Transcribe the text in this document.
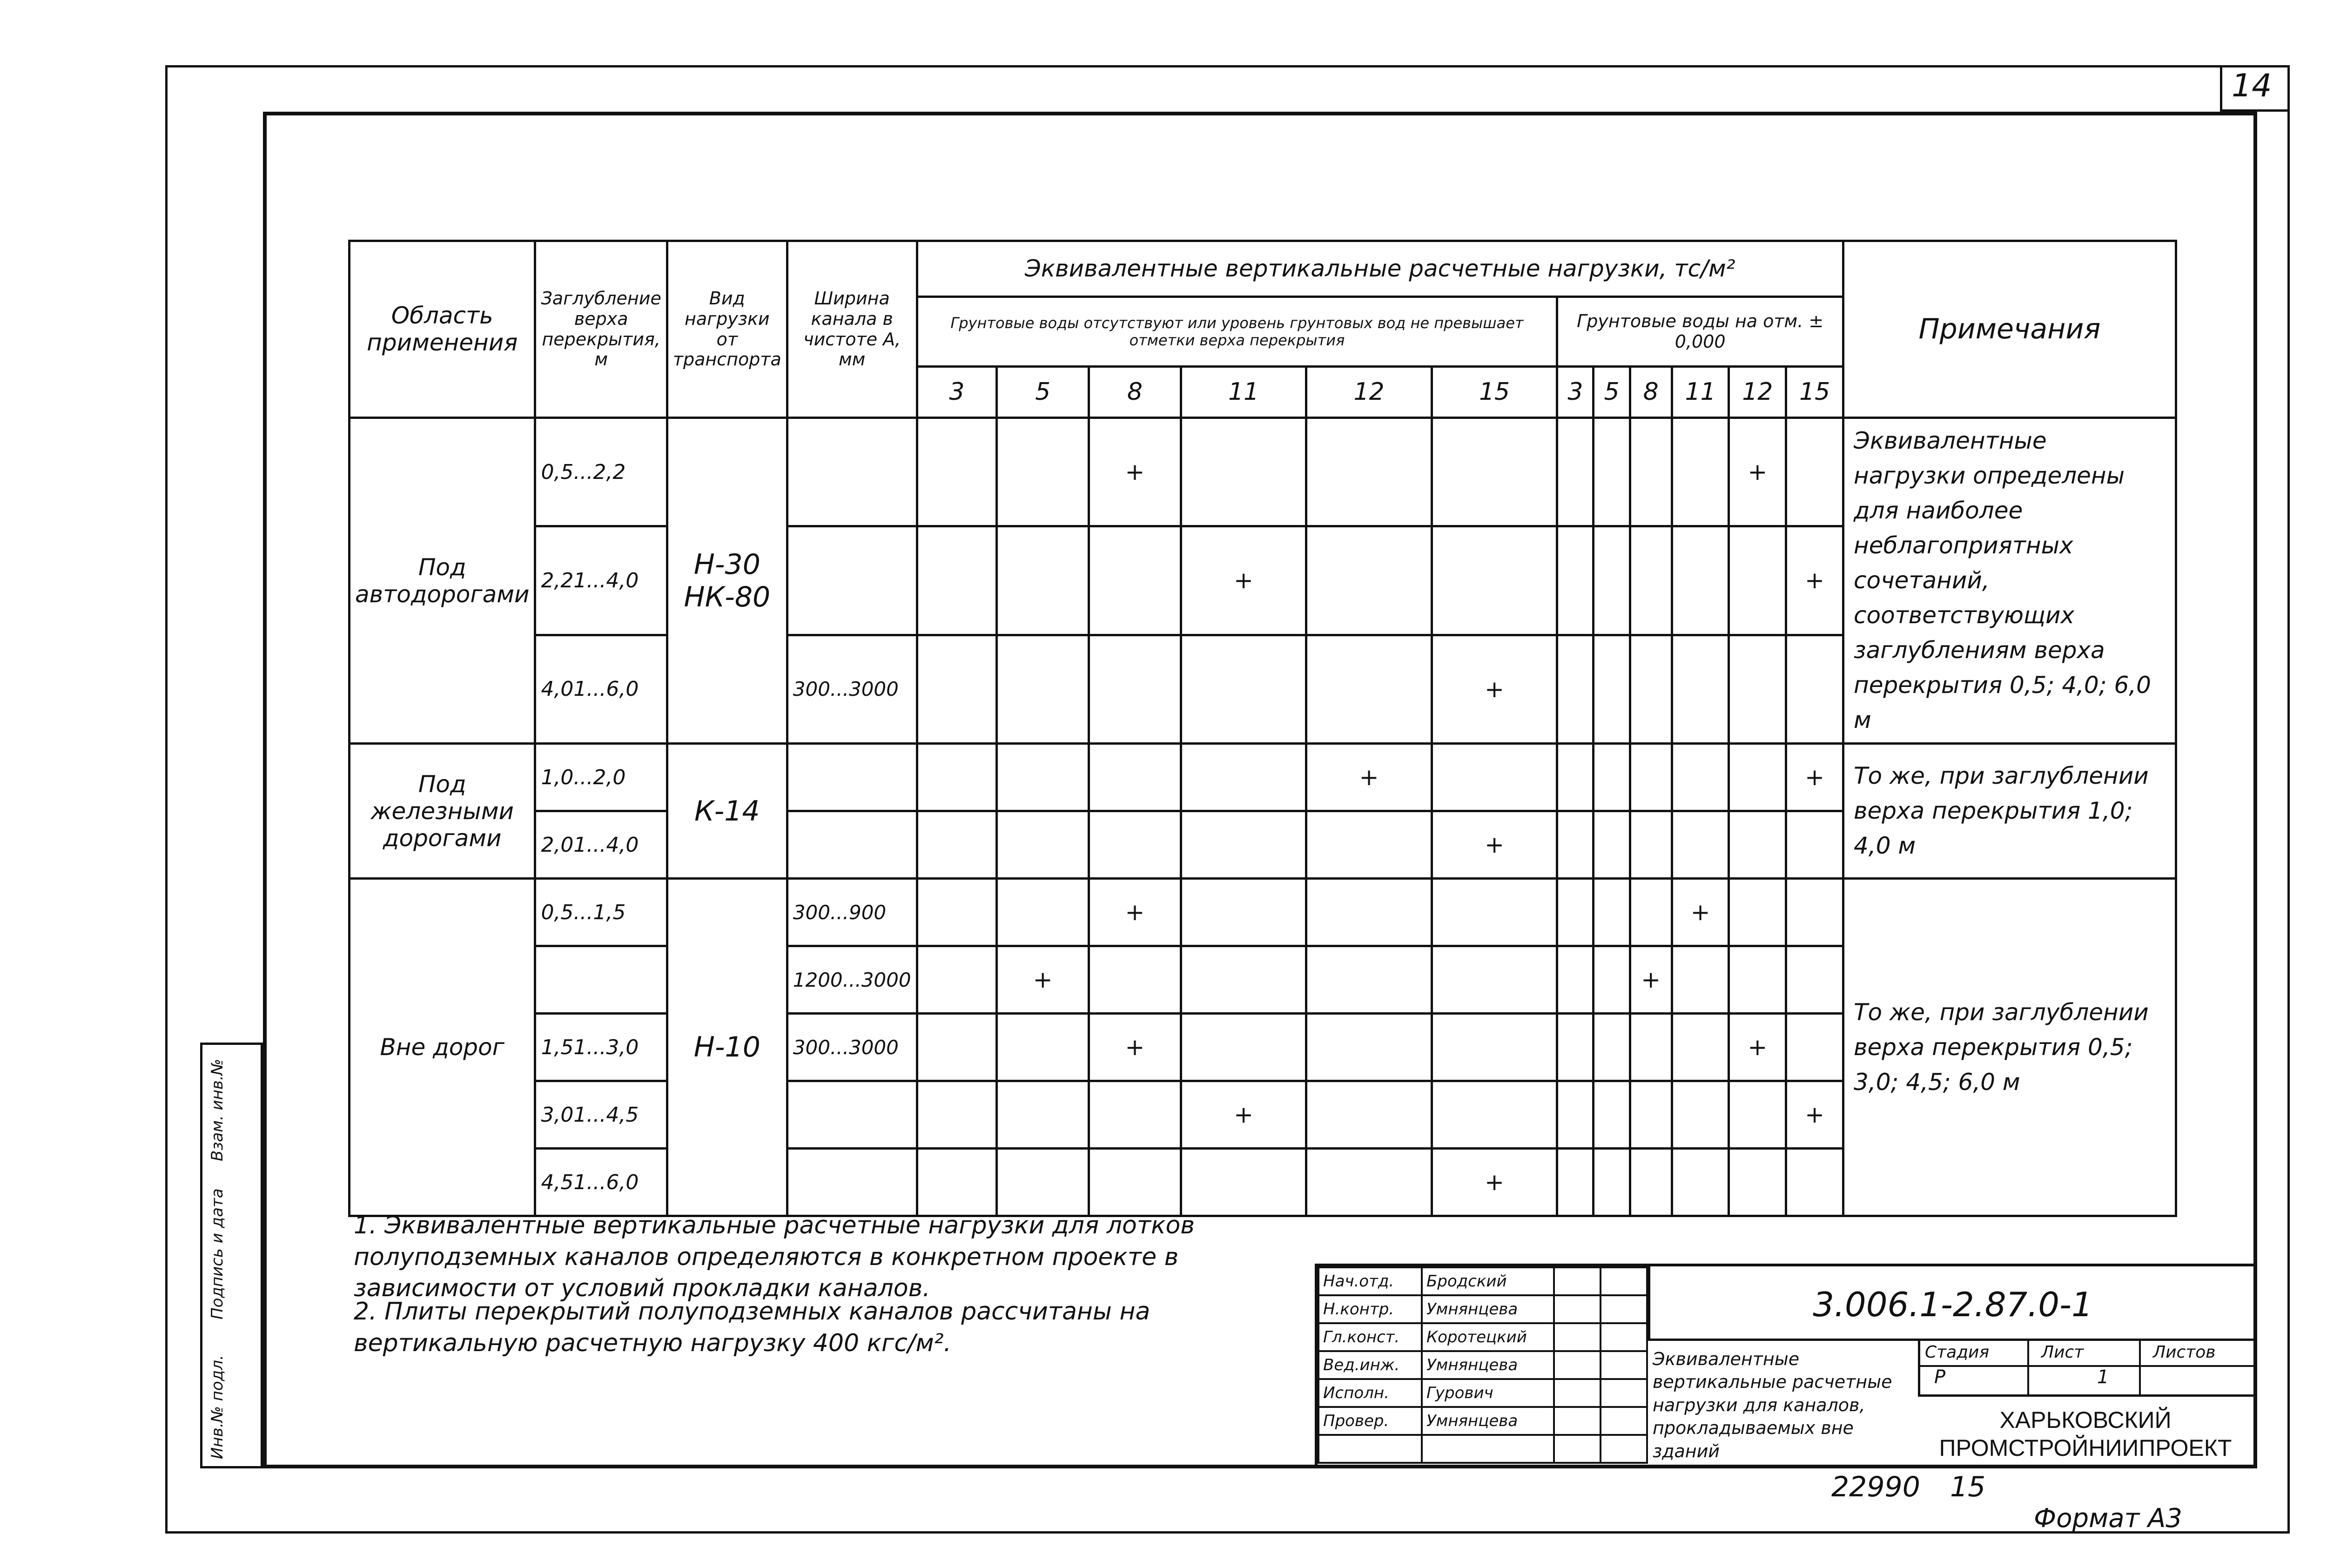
14
Инв.№ подл.
Подпись и дата
Взам. инв.№
Область применения	Заглубление верха перекрытия, м	Вид нагрузки от транспорта	Ширина канала в чистоте А, мм	Эквивалентные вертикальные расчетные нагрузки, тс/м²												Примечания
				Грунтовые воды отсутствуют или уровень грунтовых вод не превышает отметки верха перекрытия						Грунтовые воды на отм. ± 0,000						
				3	5	8	11	12	15	3	5	8	11	12	15	
Под автодорогами	0,5...2,2	Н-30 НК-80				+								+		Эквивалентные нагрузки определены для наиболее неблагоприятных сочетаний, соответствующих заглублениям верха перекрытия 0,5; 4,0; 6,0 м
	2,21...4,0						+								+	
	4,01...6,0		300...3000						+							
Под железными дорогами	1,0...2,0	К-14						+							+	То же, при заглублении верха перекрытия 1,0; 4,0 м
	2,01...4,0								+							
Вне дорог	0,5...1,5	Н-10	300...900			+							+			То же, при заглублении верха перекрытия 0,5; 3,0; 4,5; 6,0 м
			1200...3000		+							+				
	1,51...3,0		300...3000			+								+		
	3,01...4,5						+								+	
	4,51...6,0								+							
1. Эквивалентные вертикальные расчетные нагрузки для лотков полуподземных каналов определяются в конкретном проекте в зависимости от условий прокладки каналов.
2. Плиты перекрытий полуподземных каналов рассчитаны на вертикальную расчетную нагрузку 400 кгс/м².
Нач.отд.	Бродский		
Н.контр.	Умнянцева		
Гл.конст.	Коротецкий		
Вед.инж.	Умнянцева		
Исполн.	Гурович		
Провер.	Умнянцева		

3.006.1-2.87.0-1
Эквивалентные вертикальные расчетные нагрузки для каналов, прокладываемых вне зданий
Стадия	Лист	Листов
Р	1
ХАРЬКОВСКИЙ ПРОМСТРОЙНИИПРОЕКТ
22990 15
Формат А3
